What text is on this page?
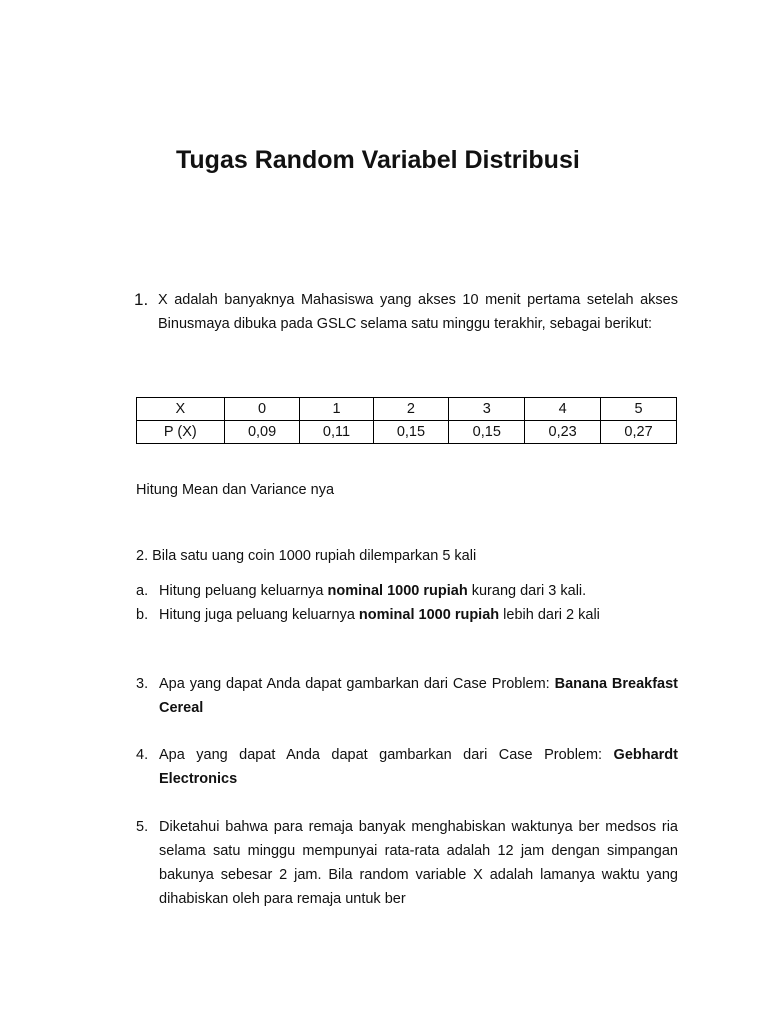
Tugas Random Variabel Distribusi
1. X adalah banyaknya Mahasiswa yang akses 10 menit pertama setelah akses Binusmaya dibuka pada GSLC selama satu minggu terakhir, sebagai berikut:
X	0	1	2	3	4	5
P (X)	0,09	0,11	0,15	0,15	0,23	0,27
Hitung Mean dan Variance nya
2. Bila satu uang coin 1000 rupiah dilemparkan 5 kali
a. Hitung peluang keluarnya nominal 1000 rupiah kurang dari 3 kali.
b. Hitung juga peluang keluarnya nominal 1000 rupiah lebih dari 2 kali
3. Apa yang dapat Anda dapat gambarkan dari Case Problem: Banana Breakfast Cereal
4. Apa yang dapat Anda dapat gambarkan dari Case Problem: Gebhardt Electronics
5. Diketahui bahwa para remaja banyak menghabiskan waktunya ber medsos ria selama satu minggu mempunyai rata-rata adalah 12 jam dengan simpangan bakunya sebesar 2 jam. Bila random variable X adalah lamanya waktu yang dihabiskan oleh para remaja untuk ber
